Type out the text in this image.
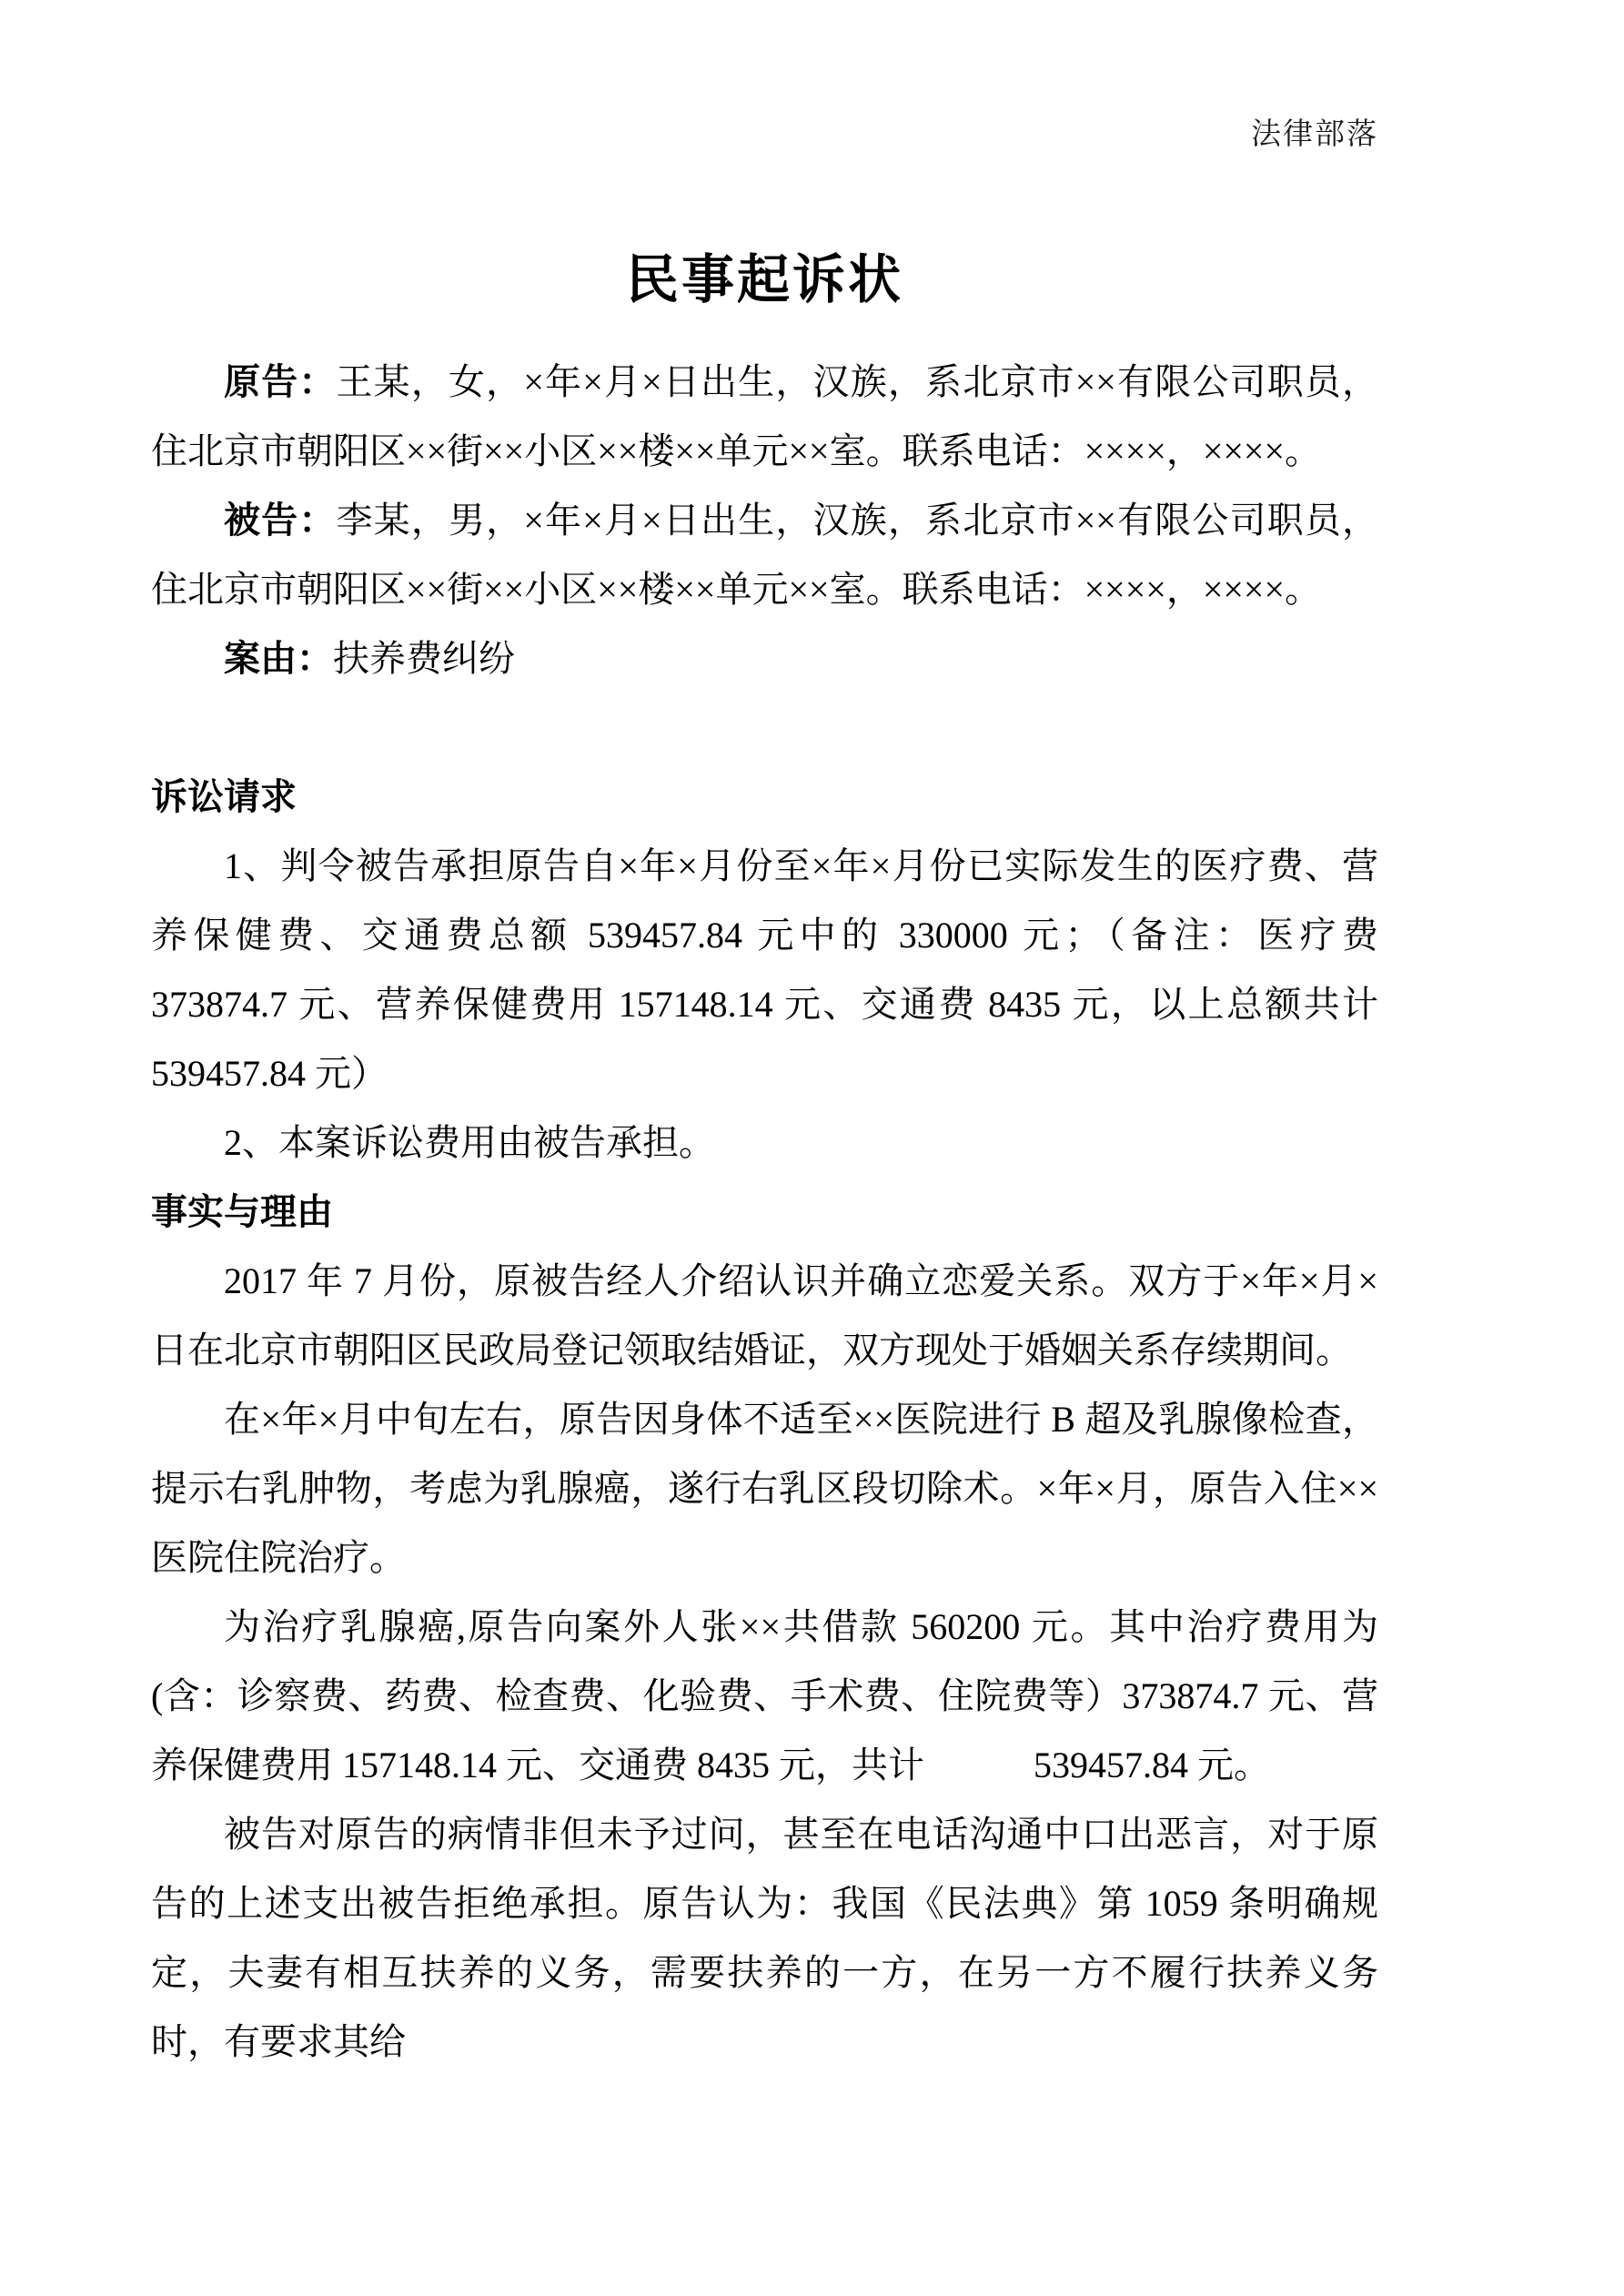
法律部落
民事起诉状

原告：王某，女，×年×月×日出生，汉族，系北京市××有限公司职员，住北京市朝阳区××街××小区××楼××单元××室。联系电话：××××，××××。

被告：李某，男，×年×月×日出生，汉族，系北京市××有限公司职员，住北京市朝阳区××街××小区××楼××单元××室。联系电话：××××，××××。

案由：扶养费纠纷

诉讼请求

1、判令被告承担原告自×年×月份至×年×月份已实际发生的医疗费、营养保健费、交通费总额 539457.84 元中的 330000 元；（备注：医疗费 373874.7 元、营养保健费用 157148.14 元、交通费 8435 元，以上总额共计 539457.84 元）

2、本案诉讼费用由被告承担。

事实与理由

2017 年 7 月份，原被告经人介绍认识并确立恋爱关系。双方于×年×月×日在北京市朝阳区民政局登记领取结婚证，双方现处于婚姻关系存续期间。

在×年×月中旬左右，原告因身体不适至××医院进行 B 超及乳腺像检查，提示右乳肿物，考虑为乳腺癌，遂行右乳区段切除术。×年×月，原告入住××医院住院治疗。

为治疗乳腺癌,原告向案外人张××共借款 560200 元。其中治疗费用为(含：诊察费、药费、检查费、化验费、手术费、住院费等）373874.7 元、营养保健费用 157148.14 元、交通费 8435 元，共计　　　539457.84 元。

被告对原告的病情非但未予过问，甚至在电话沟通中口出恶言，对于原告的上述支出被告拒绝承担。原告认为：我国《民法典》第 1059 条明确规定，夫妻有相互扶养的义务，需要扶养的一方，在另一方不履行扶养义务时，有要求其给
